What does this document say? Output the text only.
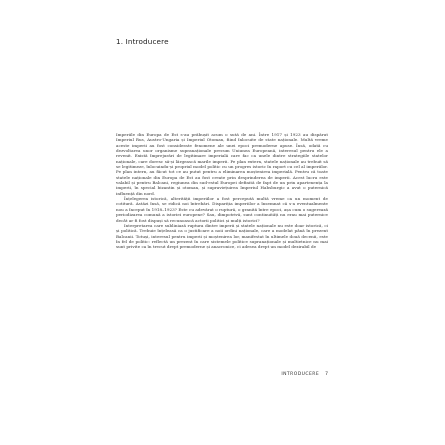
1. Introducere

Imperiile din Europa de Est s-au prăbușit acum o sută de ani. Între 1917 și 1923 au dispărut Imperiul Rus, Austro-Ungaria și Imperiul Otoman, fiind înlocuite de state naționale. Multă vreme aceste imperii au fost considerate fenomene ale unei epoci premoderne apuse. Însă, odată cu dezvoltarea unor organisme supranaționale precum Uniunea Europeană, interesul pentru ele a revenit. Există împrejurări de legitimare imperială care fac ca unele dintre strategiile statelor naționale, care doresc să-și lărgească marile imperii. Pe plan extern, statele naționale au trebuit să se legitimeze, înlocuindu-și propriul model politic cu un progres istoric în raport cu cel al imperiilor. Pe plan intern, au făcut tot ce au putut pentru a eliminarea moștenirea imperială. Pentru că toate statele naționale din Europa de Est au fost create prin desprinderea de imperii. Acest lucru este valabil și pentru Balcani, regiunea din sud-estul Europei definită de fapt de un prin apartenența la imperii, în special bizantin și otoman, și supraviețuirea Imperiul Habsburgic a avut o puternică influență din nord.

Înțelegerea istorică, alterității imperiilor a fost percepută multă vreme ca un moment de cotitură. Astăzi însă, se ridică noi întrebări. Dispariția imperiilor a însemnat că s-a eventualmente nou a început în 1918–1923? Este cu adevărat o ruptură, o granită între epoci, așa cum o sugerează periodizarea comună a istoriei europene? Sau, dimpotrivă, sunt continuități nu erau mai puternice decât ar fi fost dispuși să recunoască actorii politici și mulți istorici?

Interpretarea care subliniază ruptura dintre imperii și statele naționale nu este doar istorică, ci și politică. Trebuie înțeleasă ca o justificare a noii ordini naționale, care a modelat până în prezent Balcanii. Totuși, interesul pentru imperii și moștenirea lor, manifestat în ultimele două decenii, este în fel de politic: reflectă un prezent în care sistemele politice supranaționale și multietnice nu mai sunt privite ca în trecut drept premoderne și anacronice, ci adesea drept un model dezirabil de

INTRODUCERE 7
